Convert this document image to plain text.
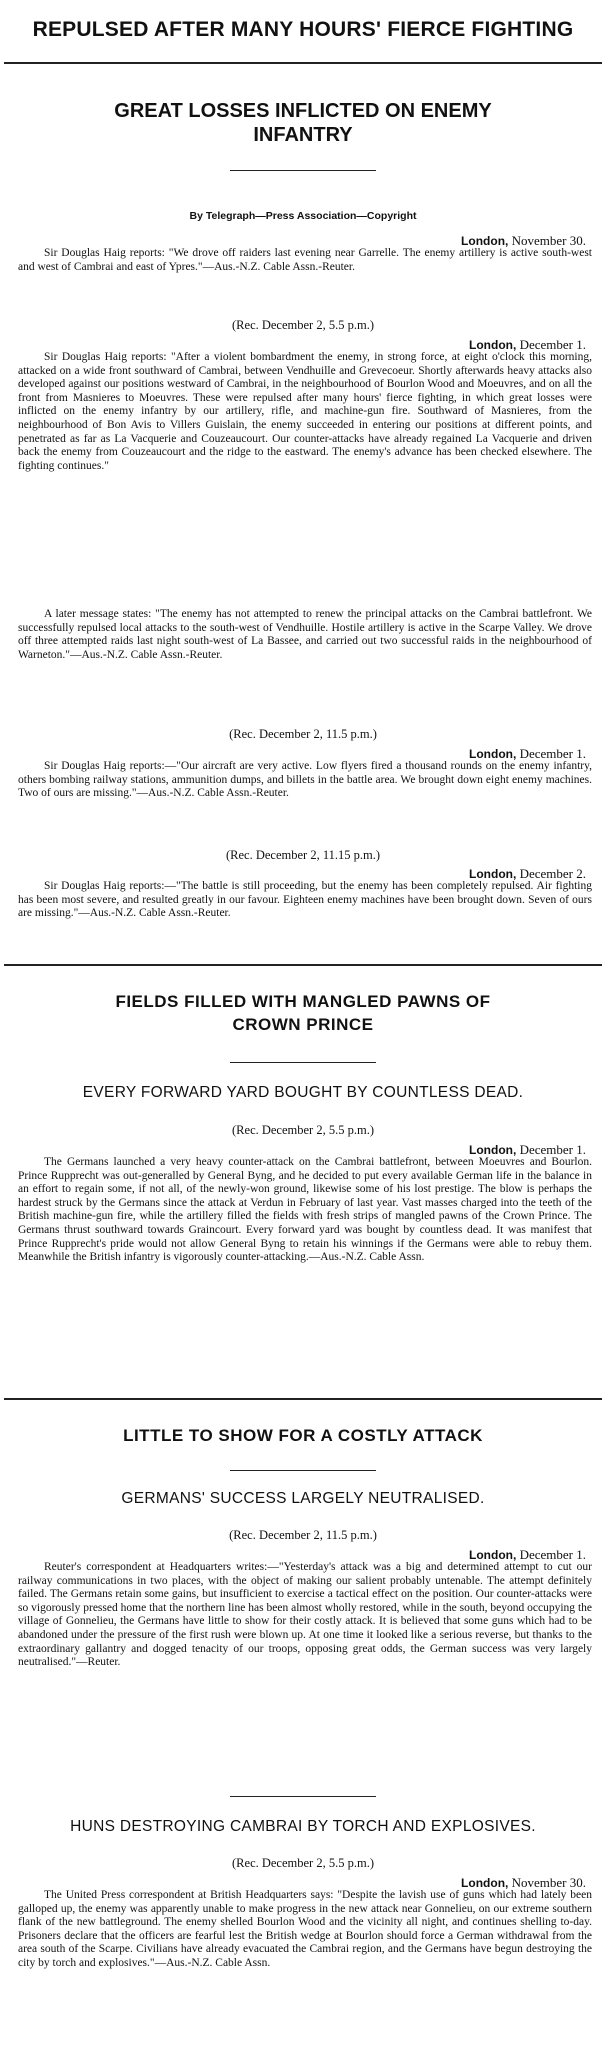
REPULSED AFTER MANY HOURS' FIERCE FIGHTING
GREAT LOSSES INFLICTED ON ENEMY
INFANTRY
By Telegraph—Press Association—Copyright
London, November 30.
Sir Douglas Haig reports: "We drove off raiders last evening near Garrelle. The enemy artillery is active south-west and west of Cambrai and east of Ypres."—Aus.-N.Z. Cable Assn.-Reuter.
(Rec. December 2, 5.5 p.m.)
London, December 1.
Sir Douglas Haig reports: "After a violent bombardment the enemy, in strong force, at eight o'clock this morning, attacked on a wide front southward of Cambrai, between Vendhuille and Grevecoeur. Shortly afterwards heavy attacks also developed against our positions westward of Cambrai, in the neighbourhood of Bourlon Wood and Moeuvres, and on all the front from Masnieres to Moeuvres. These were repulsed after many hours' fierce fighting, in which great losses were inflicted on the enemy infantry by our artillery, rifle, and machine-gun fire. Southward of Masnieres, from the neighbourhood of Bon Avis to Villers Guislain, the enemy succeeded in entering our positions at different points, and penetrated as far as La Vacquerie and Couzeaucourt. Our counter-attacks have already regained La Vacquerie and driven back the enemy from Couzeaucourt and the ridge to the eastward. The enemy's advance has been checked elsewhere. The fighting continues."
A later message states: "The enemy has not attempted to renew the principal attacks on the Cambrai battlefront. We successfully repulsed local attacks to the south-west of Vendhuille. Hostile artillery is active in the Scarpe Valley. We drove off three attempted raids last night south-west of La Bassee, and carried out two successful raids in the neighbourhood of Warneton."—Aus.-N.Z. Cable Assn.-Reuter.
(Rec. December 2, 11.5 p.m.)
London, December 1.
Sir Douglas Haig reports:—"Our aircraft are very active. Low flyers fired a thousand rounds on the enemy infantry, others bombing railway stations, ammunition dumps, and billets in the battle area. We brought down eight enemy machines. Two of ours are missing."—Aus.-N.Z. Cable Assn.-Reuter.
(Rec. December 2, 11.15 p.m.)
London, December 2.
Sir Douglas Haig reports:—"The battle is still proceeding, but the enemy has been completely repulsed. Air fighting has been most severe, and resulted greatly in our favour. Eighteen enemy machines have been brought down. Seven of ours are missing."—Aus.-N.Z. Cable Assn.-Reuter.
FIELDS FILLED WITH MANGLED PAWNS OF
CROWN PRINCE
EVERY FORWARD YARD BOUGHT BY COUNTLESS DEAD.
(Rec. December 2, 5.5 p.m.)
London, December 1.
The Germans launched a very heavy counter-attack on the Cambrai battlefront, between Moeuvres and Bourlon. Prince Rupprecht was out-generalled by General Byng, and he decided to put every available German life in the balance in an effort to regain some, if not all, of the newly-won ground, likewise some of his lost prestige. The blow is perhaps the hardest struck by the Germans since the attack at Verdun in February of last year. Vast masses charged into the teeth of the British machine-gun fire, while the artillery filled the fields with fresh strips of mangled pawns of the Crown Prince. The Germans thrust southward towards Graincourt. Every forward yard was bought by countless dead. It was manifest that Prince Rupprecht's pride would not allow General Byng to retain his winnings if the Germans were able to rebuy them. Meanwhile the British infantry is vigorously counter-attacking.—Aus.-N.Z. Cable Assn.
LITTLE TO SHOW FOR A COSTLY ATTACK
GERMANS' SUCCESS LARGELY NEUTRALISED.
(Rec. December 2, 11.5 p.m.)
London, December 1.
Reuter's correspondent at Headquarters writes:—"Yesterday's attack was a big and determined attempt to cut our railway communications in two places, with the object of making our salient probably untenable. The attempt definitely failed. The Germans retain some gains, but insufficient to exercise a tactical effect on the position. Our counter-attacks were so vigorously pressed home that the northern line has been almost wholly restored, while in the south, beyond occupying the village of Gonnelieu, the Germans have little to show for their costly attack. It is believed that some guns which had to be abandoned under the pressure of the first rush were blown up. At one time it looked like a serious reverse, but thanks to the extraordinary gallantry and dogged tenacity of our troops, opposing great odds, the German success was very largely neutralised."—Reuter.
HUNS DESTROYING CAMBRAI BY TORCH AND EXPLOSIVES.
(Rec. December 2, 5.5 p.m.)
London, November 30.
The United Press correspondent at British Headquarters says: "Despite the lavish use of guns which had lately been galloped up, the enemy was apparently unable to make progress in the new attack near Gonnelieu, on our extreme southern flank of the new battleground. The enemy shelled Bourlon Wood and the vicinity all night, and continues shelling to-day. Prisoners declare that the officers are fearful lest the British wedge at Bourlon should force a German withdrawal from the area south of the Scarpe. Civilians have already evacuated the Cambrai region, and the Germans have begun destroying the city by torch and explosives."—Aus.-N.Z. Cable Assn.
